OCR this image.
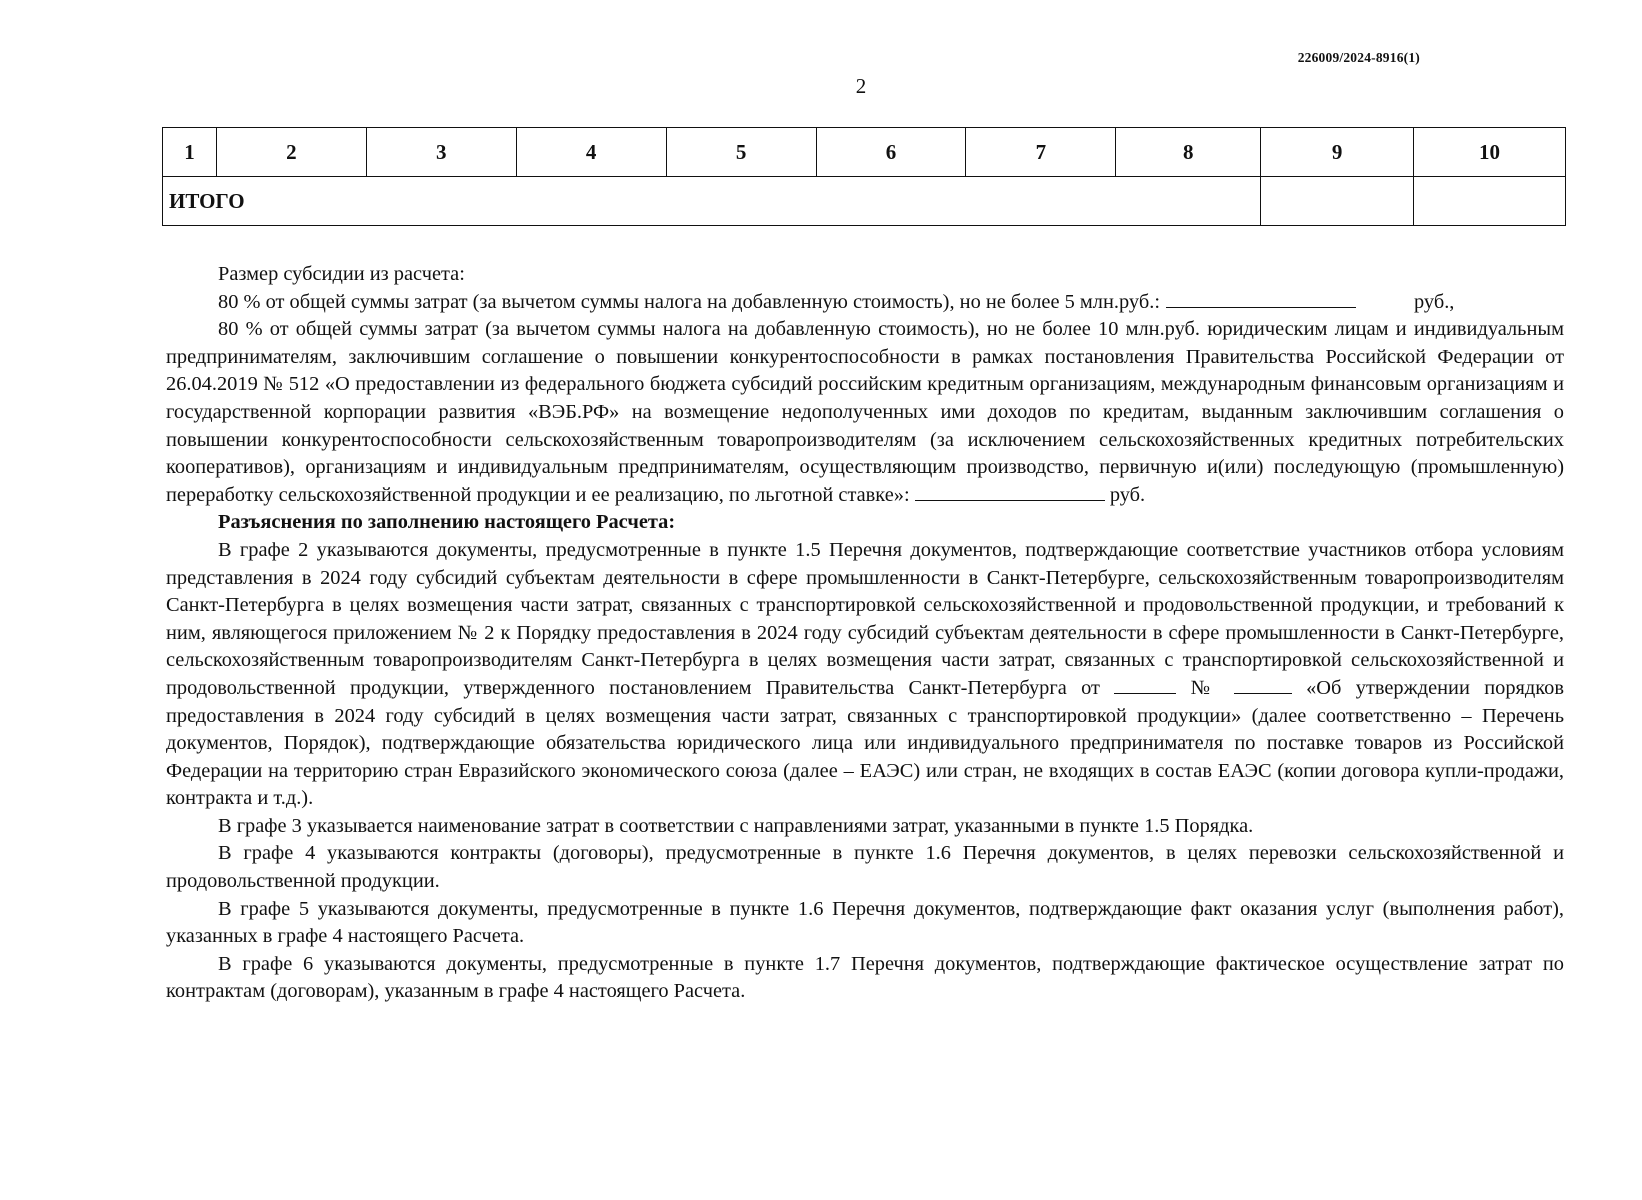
226009/2024-8916(1)
2
1	2	3	4	5	6	7	8	9	10
ИТОГО									

Размер субсидии из расчета:

80 % от общей суммы затрат (за вычетом суммы налога на добавленную стоимость), но не более 5 млн.руб.:	руб.,

80 % от общей суммы затрат (за вычетом суммы налога на добавленную стоимость), но не более 10 млн.руб. юридическим лицам и индивидуальным предпринимателям, заключившим соглашение о повышении конкурентоспособности в рамках постановления Правительства Российской Федерации от 26.04.2019 № 512 «О предоставлении из федерального бюджета субсидий российским кредитным организациям, международным финансовым организациям и государственной корпорации развития «ВЭБ.РФ» на возмещение недополученных ими доходов по кредитам, выданным заключившим соглашения о повышении конкурентоспособности сельскохозяйственным товаропроизводителям (за исключением сельскохозяйственных кредитных потребительских кооперативов), организациям и индивидуальным предпринимателям, осуществляющим производство, первичную и(или) последующую (промышленную) переработку сельскохозяйственной продукции и ее реализацию, по льготной ставке»:	руб.

Разъяснения по заполнению настоящего Расчета:

В графе 2 указываются документы, предусмотренные в пункте 1.5 Перечня документов, подтверждающие соответствие участников отбора условиям представления в 2024 году субсидий субъектам деятельности в сфере промышленности в Санкт-Петербурге, сельскохозяйственным товаропроизводителям Санкт-Петербурга в целях возмещения части затрат, связанных с транспортировкой сельскохозяйственной и продовольственной продукции, и требований к ним, являющегося приложением № 2 к Порядку предоставления в 2024 году субсидий субъектам деятельности в сфере промышленности в Санкт-Петербурге, сельскохозяйственным товаропроизводителям Санкт-Петербурга в целях возмещения части затрат, связанных с транспортировкой сельскохозяйственной и продовольственной продукции, утвержденного постановлением Правительства Санкт-Петербурга от	№	«Об утверждении порядков предоставления в 2024 году субсидий в целях возмещения части затрат, связанных с транспортировкой продукции» (далее соответственно – Перечень документов, Порядок), подтверждающие обязательства юридического лица или индивидуального предпринимателя по поставке товаров из Российской Федерации на территорию стран Евразийского экономического союза (далее – ЕАЭС) или стран, не входящих в состав ЕАЭС (копии договора купли-продажи, контракта и т.д.).

В графе 3 указывается наименование затрат в соответствии с направлениями затрат, указанными в пункте 1.5 Порядка.

В графе 4 указываются контракты (договоры), предусмотренные в пункте 1.6 Перечня документов, в целях перевозки сельскохозяйственной и продовольственной продукции.

В графе 5 указываются документы, предусмотренные в пункте 1.6 Перечня документов, подтверждающие факт оказания услуг (выполнения работ), указанных в графе 4 настоящего Расчета.

В графе 6 указываются документы, предусмотренные в пункте 1.7 Перечня документов, подтверждающие фактическое осуществление затрат по контрактам (договорам), указанным в графе 4 настоящего Расчета.
